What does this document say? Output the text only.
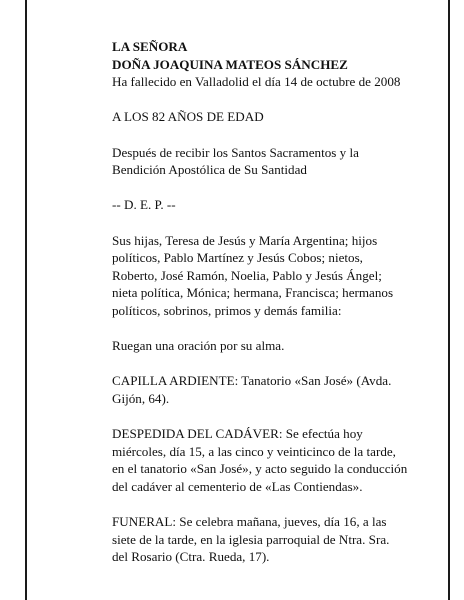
LA SEÑORA
DOÑA JOAQUINA MATEOS SÁNCHEZ
Ha fallecido en Valladolid el día 14 de octubre de 2008

A LOS 82 AÑOS DE EDAD

Después de recibir los Santos Sacramentos y la
Bendición Apostólica de Su Santidad

-- D. E. P. --

Sus hijas, Teresa de Jesús y María Argentina; hijos
políticos, Pablo Martínez y Jesús Cobos; nietos,
Roberto, José Ramón, Noelia, Pablo y Jesús Ángel;
nieta política, Mónica; hermana, Francisca; hermanos
políticos, sobrinos, primos y demás familia:

Ruegan una oración por su alma.

CAPILLA ARDIENTE: Tanatorio «San José» (Avda.
Gijón, 64).

DESPEDIDA DEL CADÁVER: Se efectúa hoy
miércoles, día 15, a las cinco y veinticinco de la tarde,
en el tanatorio «San José», y acto seguido la conducción
del cadáver al cementerio de «Las Contiendas».

FUNERAL: Se celebra mañana, jueves, día 16, a las
siete de la tarde, en la iglesia parroquial de Ntra. Sra.
del Rosario (Ctra. Rueda, 17).
